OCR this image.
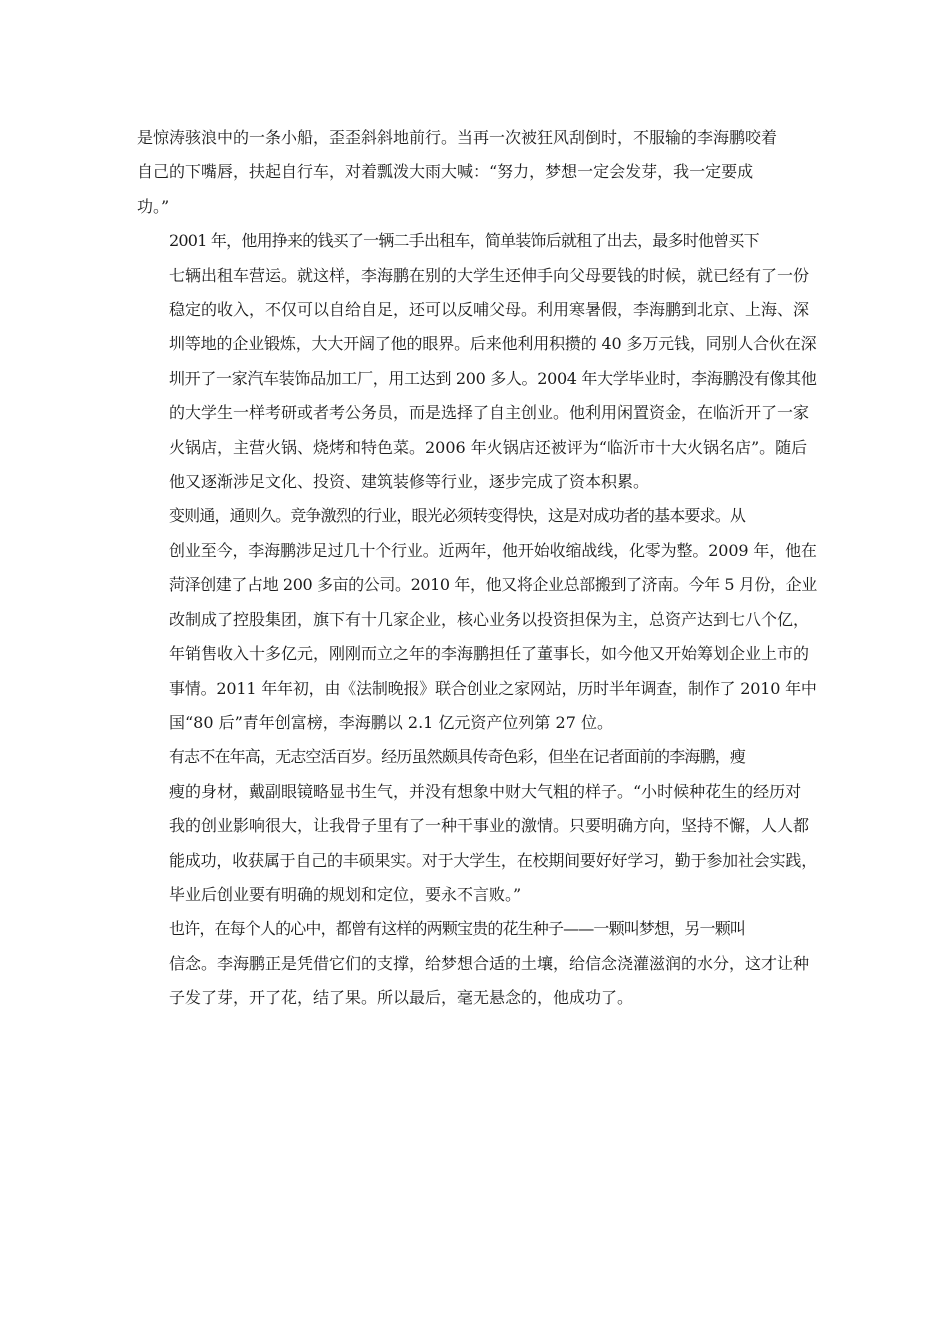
是惊涛骇浪中的一条小船，歪歪斜斜地前行。当再一次被狂风刮倒时，不服输的李海鹏咬着
自己的下嘴唇，扶起自行车，对着瓢泼大雨大喊：“努力，梦想一定会发芽，我一定要成
功。”

2001 年，他用挣来的钱买了一辆二手出租车，简单装饰后就租了出去，最多时他曾买下
七辆出租车营运。就这样，李海鹏在别的大学生还伸手向父母要钱的时候，就已经有了一份
稳定的收入，不仅可以自给自足，还可以反哺父母。利用寒暑假，李海鹏到北京、上海、深
圳等地的企业锻炼，大大开阔了他的眼界。后来他利用积攒的 40 多万元钱，同别人合伙在深
圳开了一家汽车装饰品加工厂，用工达到 200 多人。2004 年大学毕业时，李海鹏没有像其他
的大学生一样考研或者考公务员，而是选择了自主创业。他利用闲置资金，在临沂开了一家
火锅店，主营火锅、烧烤和特色菜。2006 年火锅店还被评为“临沂市十大火锅名店”。随后
他又逐渐涉足文化、投资、建筑装修等行业，逐步完成了资本积累。

变则通，通则久。竞争激烈的行业，眼光必须转变得快，这是对成功者的基本要求。从
创业至今，李海鹏涉足过几十个行业。近两年，他开始收缩战线，化零为整。2009 年，他在
菏泽创建了占地 200 多亩的公司。2010 年，他又将企业总部搬到了济南。今年 5 月份，企业
改制成了控股集团，旗下有十几家企业，核心业务以投资担保为主，总资产达到七八个亿，
年销售收入十多亿元，刚刚而立之年的李海鹏担任了董事长，如今他又开始筹划企业上市的
事情。2011 年年初，由《法制晚报》联合创业之家网站，历时半年调查，制作了 2010 年中
国“80 后”青年创富榜，李海鹏以 2.1 亿元资产位列第 27 位。

有志不在年高，无志空活百岁。经历虽然颇具传奇色彩，但坐在记者面前的李海鹏，瘦
瘦的身材，戴副眼镜略显书生气，并没有想象中财大气粗的样子。“小时候种花生的经历对
我的创业影响很大，让我骨子里有了一种干事业的激情。只要明确方向，坚持不懈，人人都
能成功，收获属于自己的丰硕果实。对于大学生，在校期间要好好学习，勤于参加社会实践，
毕业后创业要有明确的规划和定位，要永不言败。”

也许，在每个人的心中，都曾有这样的两颗宝贵的花生种子——一颗叫梦想，另一颗叫
信念。李海鹏正是凭借它们的支撑，给梦想合适的土壤，给信念浇灌滋润的水分，这才让种
子发了芽，开了花，结了果。所以最后，毫无悬念的，他成功了。
